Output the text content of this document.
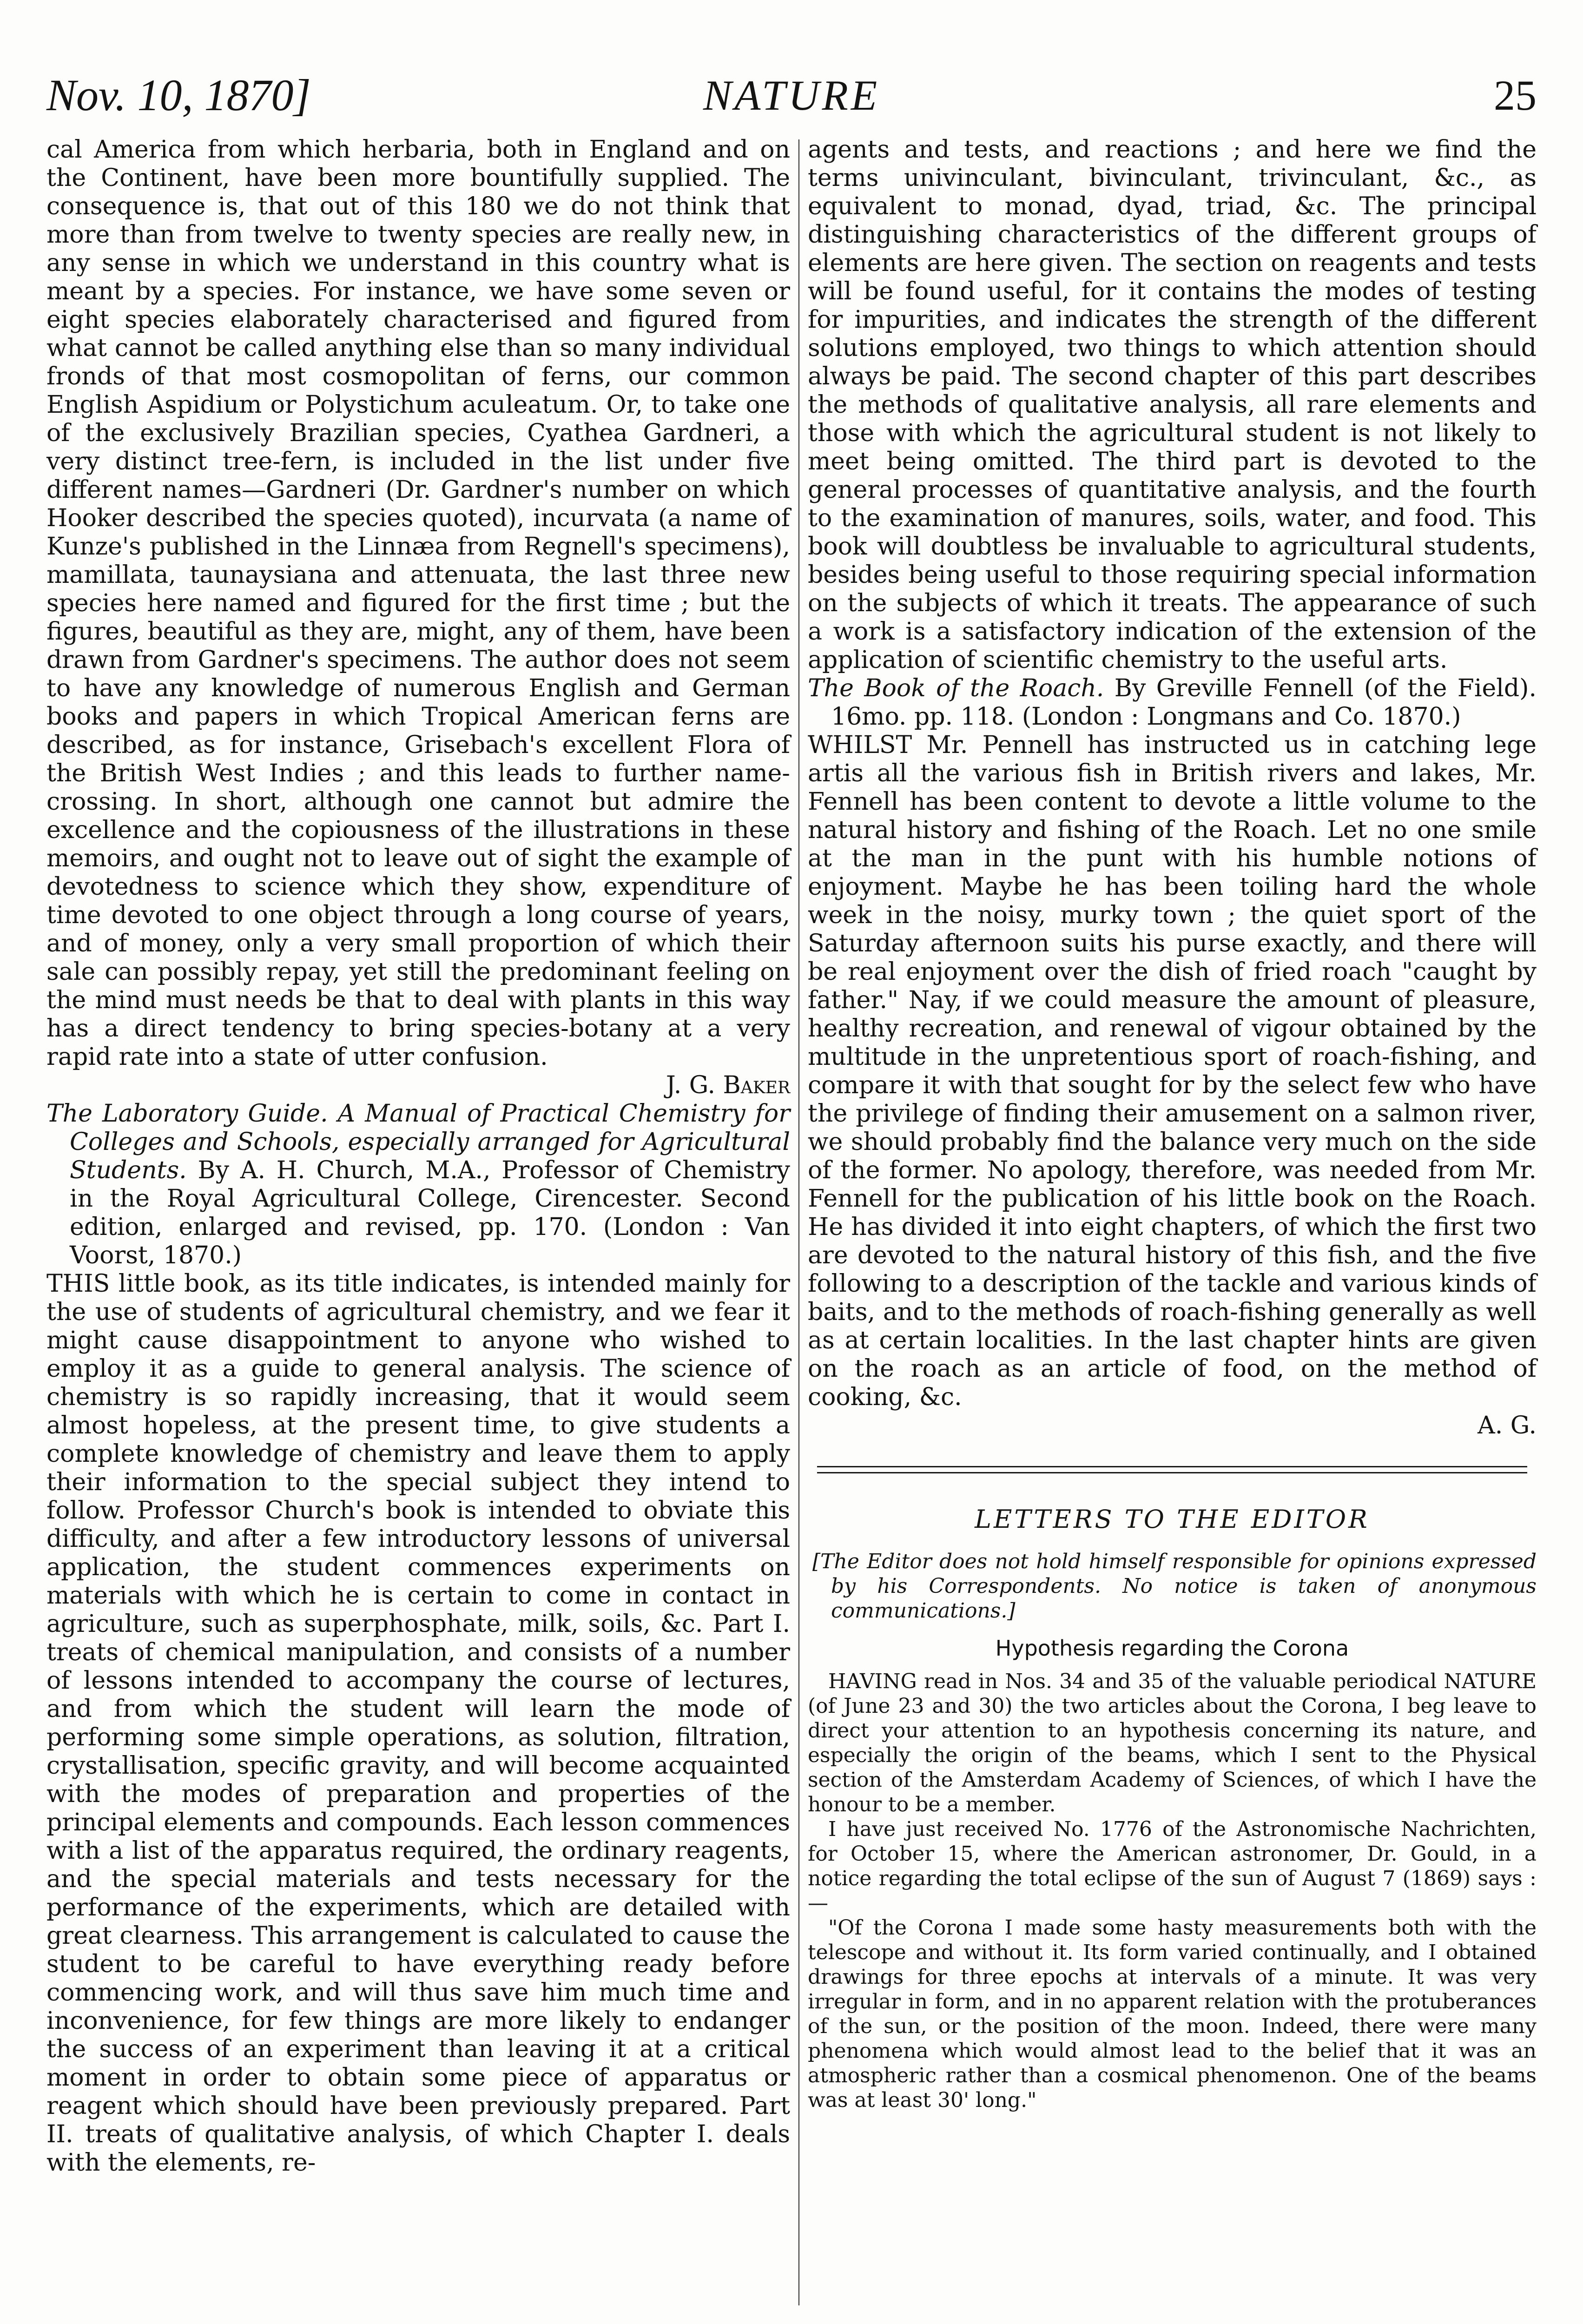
Nov. 10, 1870]	NATURE	25

cal America from which herbaria, both in England and on the Continent, have been more bountifully supplied. The consequence is, that out of this 180 we do not think that more than from twelve to twenty species are really new, in any sense in which we understand in this country what is meant by a species. For instance, we have some seven or eight species elaborately characterised and figured from what cannot be called anything else than so many individual fronds of that most cosmopolitan of ferns, our common English Aspidium or Polystichum aculeatum. Or, to take one of the exclusively Brazilian species, Cyathea Gardneri, a very distinct tree-fern, is included in the list under five different names—Gardneri (Dr. Gardner's number on which Hooker described the species quoted), incurvata (a name of Kunze's published in the Linnæa from Regnell's specimens), mamillata, taunaysiana and attenuata, the last three new species here named and figured for the first time ; but the figures, beautiful as they are, might, any of them, have been drawn from Gardner's specimens. The author does not seem to have any knowledge of numerous English and German books and papers in which Tropical American ferns are described, as for instance, Grisebach's excellent Flora of the British West Indies ; and this leads to further name-crossing. In short, although one cannot but admire the excellence and the copiousness of the illustrations in these memoirs, and ought not to leave out of sight the example of devotedness to science which they show, expenditure of time devoted to one object through a long course of years, and of money, only a very small proportion of which their sale can possibly repay, yet still the predominant feeling on the mind must needs be that to deal with plants in this way has a direct tendency to bring species-botany at a very rapid rate into a state of utter confusion.

J. G. Baker

The Laboratory Guide. A Manual of Practical Chemistry for Colleges and Schools, especially arranged for Agricultural Students. By A. H. Church, M.A., Professor of Chemistry in the Royal Agricultural College, Cirencester. Second edition, enlarged and revised, pp. 170. (London : Van Voorst, 1870.)

THIS little book, as its title indicates, is intended mainly for the use of students of agricultural chemistry, and we fear it might cause disappointment to anyone who wished to employ it as a guide to general analysis. The science of chemistry is so rapidly increasing, that it would seem almost hopeless, at the present time, to give students a complete knowledge of chemistry and leave them to apply their information to the special subject they intend to follow. Professor Church's book is intended to obviate this difficulty, and after a few introductory lessons of universal application, the student commences experiments on materials with which he is certain to come in contact in agriculture, such as superphosphate, milk, soils, &c. Part I. treats of chemical manipulation, and consists of a number of lessons intended to accompany the course of lectures, and from which the student will learn the mode of performing some simple operations, as solution, filtration, crystallisation, specific gravity, and will become acquainted with the modes of preparation and properties of the principal elements and compounds. Each lesson commences with a list of the apparatus required, the ordinary reagents, and the special materials and tests necessary for the performance of the experiments, which are detailed with great clearness. This arrangement is calculated to cause the student to be careful to have everything ready before commencing work, and will thus save him much time and inconvenience, for few things are more likely to endanger the success of an experiment than leaving it at a critical moment in order to obtain some piece of apparatus or reagent which should have been previously prepared. Part II. treats of qualitative analysis, of which Chapter I. deals with the elements, re-

agents and tests, and reactions ; and here we find the terms univinculant, bivinculant, trivinculant, &c., as equivalent to monad, dyad, triad, &c. The principal distinguishing characteristics of the different groups of elements are here given. The section on reagents and tests will be found useful, for it contains the modes of testing for impurities, and indicates the strength of the different solutions employed, two things to which attention should always be paid. The second chapter of this part describes the methods of qualitative analysis, all rare elements and those with which the agricultural student is not likely to meet being omitted. The third part is devoted to the general processes of quantitative analysis, and the fourth to the examination of manures, soils, water, and food. This book will doubtless be invaluable to agricultural students, besides being useful to those requiring special information on the subjects of which it treats. The appearance of such a work is a satisfactory indication of the extension of the application of scientific chemistry to the useful arts.

The Book of the Roach. By Greville Fennell (of the Field). 16mo. pp. 118. (London : Longmans and Co. 1870.)

WHILST Mr. Pennell has instructed us in catching lege artis all the various fish in British rivers and lakes, Mr. Fennell has been content to devote a little volume to the natural history and fishing of the Roach. Let no one smile at the man in the punt with his humble notions of enjoyment. Maybe he has been toiling hard the whole week in the noisy, murky town ; the quiet sport of the Saturday afternoon suits his purse exactly, and there will be real enjoyment over the dish of fried roach "caught by father." Nay, if we could measure the amount of pleasure, healthy recreation, and renewal of vigour obtained by the multitude in the unpretentious sport of roach-fishing, and compare it with that sought for by the select few who have the privilege of finding their amusement on a salmon river, we should probably find the balance very much on the side of the former. No apology, therefore, was needed from Mr. Fennell for the publication of his little book on the Roach. He has divided it into eight chapters, of which the first two are devoted to the natural history of this fish, and the five following to a description of the tackle and various kinds of baits, and to the methods of roach-fishing generally as well as at certain localities. In the last chapter hints are given on the roach as an article of food, on the method of cooking, &c.

A. G.

LETTERS TO THE EDITOR

[The Editor does not hold himself responsible for opinions expressed by his Correspondents. No notice is taken of anonymous communications.]

Hypothesis regarding the Corona

HAVING read in Nos. 34 and 35 of the valuable periodical NATURE (of June 23 and 30) the two articles about the Corona, I beg leave to direct your attention to an hypothesis concerning its nature, and especially the origin of the beams, which I sent to the Physical section of the Amsterdam Academy of Sciences, of which I have the honour to be a member.

I have just received No. 1776 of the Astronomische Nachrichten, for October 15, where the American astronomer, Dr. Gould, in a notice regarding the total eclipse of the sun of August 7 (1869) says :—

"Of the Corona I made some hasty measurements both with the telescope and without it. Its form varied continually, and I obtained drawings for three epochs at intervals of a minute. It was very irregular in form, and in no apparent relation with the protuberances of the sun, or the position of the moon. Indeed, there were many phenomena which would almost lead to the belief that it was an atmospheric rather than a cosmical phenomenon. One of the beams was at least 30' long."
